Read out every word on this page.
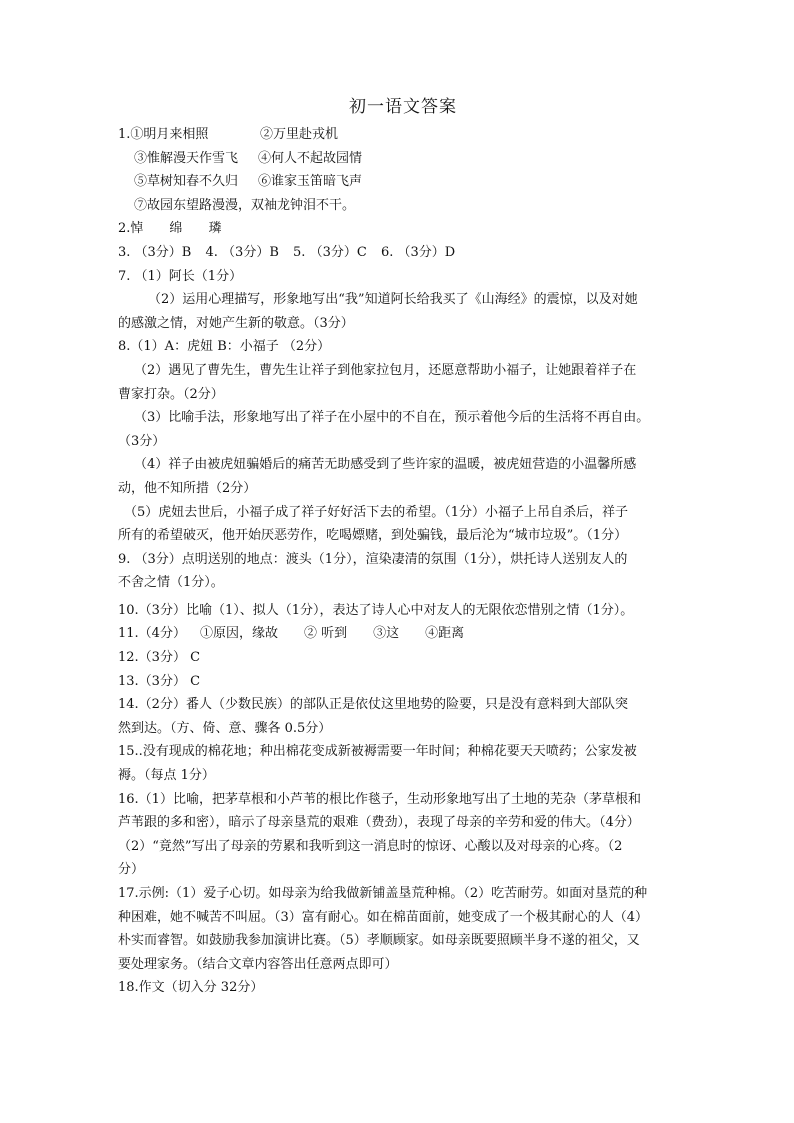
初一语文答案
1.①明月来相照	②万里赴戎机
③惟解漫天作雪飞	④何人不起故园情
⑤草树知春不久归	⑥谁家玉笛暗飞声
⑦故园东望路漫漫，双袖龙钟泪不干。
2.悼 绵 璘
3. （3分）B 4. （3分）B 5. （3分）C 6. （3分）D
7. （1）阿长（1分）
（2）运用心理描写，形象地写出“我”知道阿长给我买了《山海经》的震惊，以及对她
的感激之情，对她产生新的敬意。（3分）
8.（1）A：虎妞 B：小福子 （2分）
（2）遇见了曹先生，曹先生让祥子到他家拉包月，还愿意帮助小福子，让她跟着祥子在
曹家打杂。（2分）
（3）比喻手法，形象地写出了祥子在小屋中的不自在，预示着他今后的生活将不再自由。
（3分）
（4）祥子由被虎妞骗婚后的痛苦无助感受到了些许家的温暖，被虎妞营造的小温馨所感
动，他不知所措（2分）
（5）虎妞去世后，小福子成了祥子好好活下去的希望。（1分）小福子上吊自杀后，祥子
所有的希望破灭，他开始厌恶劳作，吃喝嫖赌，到处骗钱，最后沦为“城市垃圾”。（1分）
9. （3分）点明送别的地点：渡头（1分），渲染凄清的氛围（1分），烘托诗人送别友人的
不舍之情（1分）。
10.（3分）比喻（1）、拟人（1分），表达了诗人心中对友人的无限依恋惜别之情（1分）。
11.（4分） ①原因，缘故 ② 听到 ③这 ④距离
12.（3分） C
13.（3分） C
14.（2分）番人（少数民族）的部队正是依仗这里地势的险要，只是没有意料到大部队突
然到达。（方、倚、意、骤各 0.5分）
15..没有现成的棉花地；种出棉花变成新被褥需要一年时间；种棉花要天天喷药；公家发被
褥。（每点 1分）
16.（1）比喻，把茅草根和小芦苇的根比作毯子，生动形象地写出了土地的芜杂（茅草根和
芦苇跟的多和密），暗示了母亲垦荒的艰难（费劲），表现了母亲的辛劳和爱的伟大。（4分）
（2）“竟然”写出了母亲的劳累和我听到这一消息时的惊讶、心酸以及对母亲的心疼。（2
分）
17.示例:（1）爱子心切。如母亲为给我做新铺盖垦荒种棉。（2）吃苦耐劳。如面对垦荒的种
种困难，她不喊苦不叫屈。（3）富有耐心。如在棉苗面前，她变成了一个极其耐心的人（4）
朴实而睿智。如鼓励我参加演讲比赛。（5）孝顺顾家。如母亲既要照顾半身不遂的祖父，又
要处理家务。（结合文章内容答出任意两点即可）
18.作文（切入分 32分）
